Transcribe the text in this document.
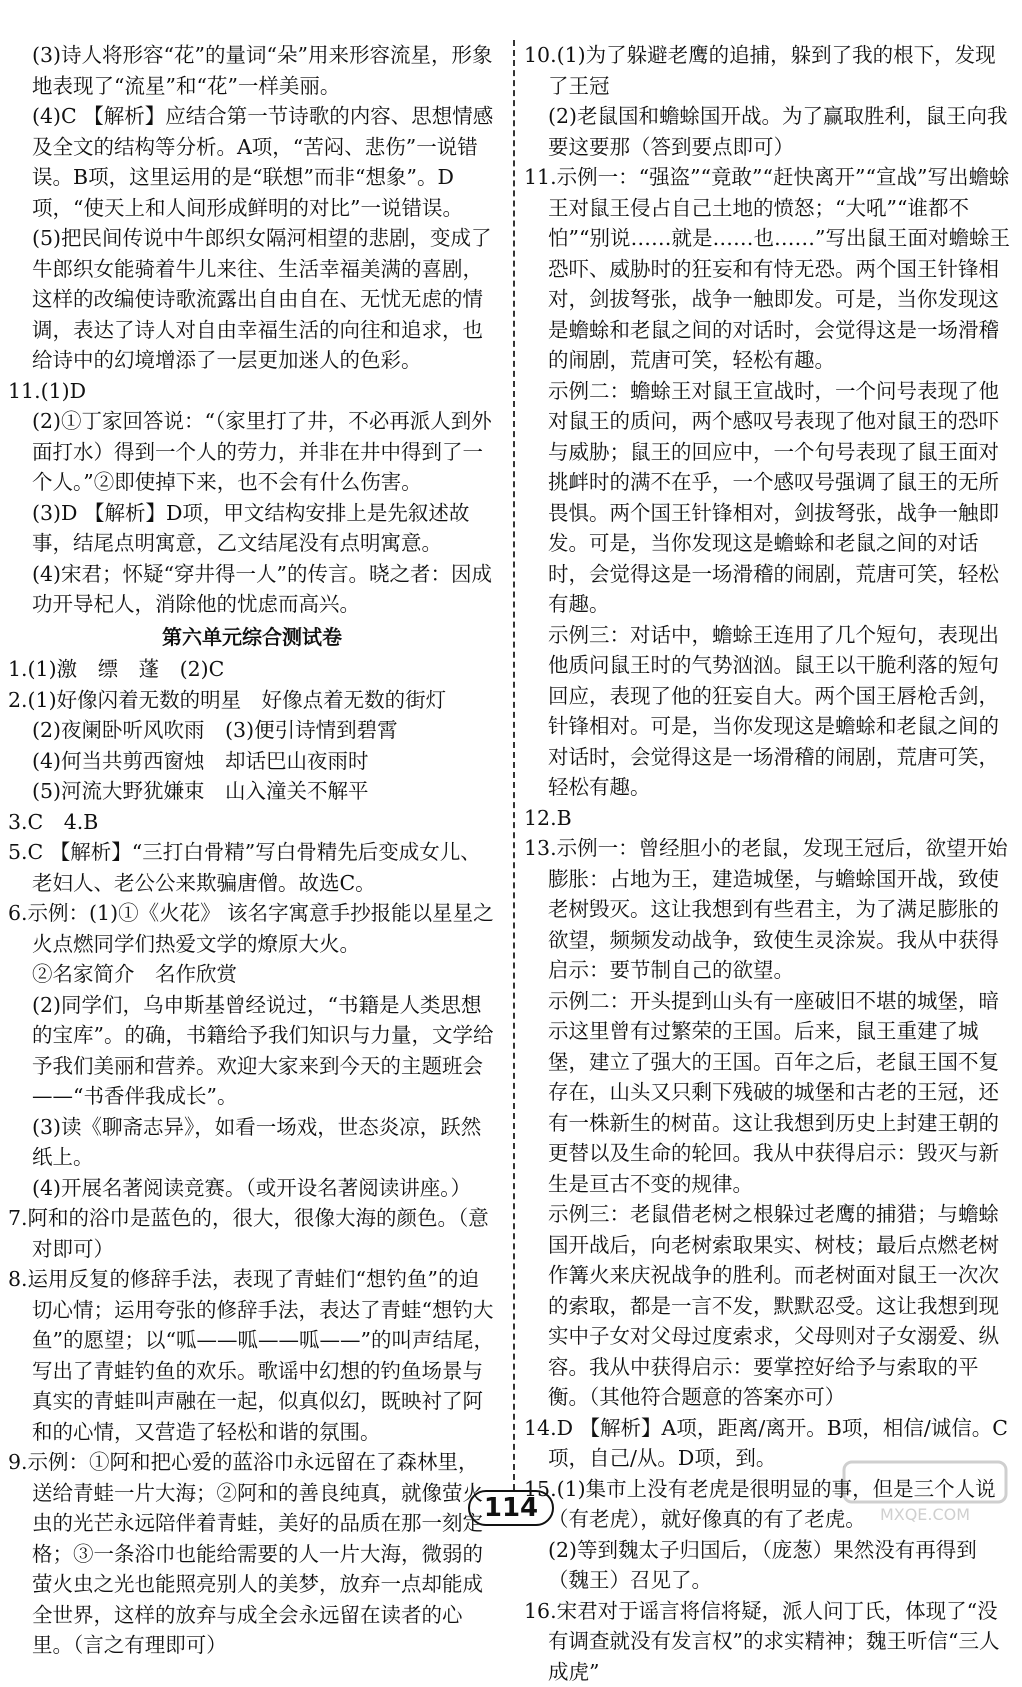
(3)诗人将形容“花”的量词“朵”用来形容流星，形象地表现了“流星”和“花”一样美丽。

(4)C 【解析】应结合第一节诗歌的内容、思想情感及全文的结构等分析。A项，“苦闷、悲伤”一说错误。B项，这里运用的是“联想”而非“想象”。D项，“使天上和人间形成鲜明的对比”一说错误。

(5)把民间传说中牛郎织女隔河相望的悲剧，变成了牛郎织女能骑着牛儿来往、生活幸福美满的喜剧，这样的改编使诗歌流露出自由自在、无忧无虑的情调，表达了诗人对自由幸福生活的向往和追求，也给诗中的幻境增添了一层更加迷人的色彩。

11.(1)D

(2)①丁家回答说：“（家里打了井，不必再派人到外面打水）得到一个人的劳力，并非在井中得到了一个人。”②即使掉下来，也不会有什么伤害。

(3)D 【解析】D项，甲文结构安排上是先叙述故事，结尾点明寓意，乙文结尾没有点明寓意。

(4)宋君；怀疑“穿井得一人”的传言。晓之者：因成功开导杞人，消除他的忧虑而高兴。

第六单元综合测试卷

1.(1)激　缥　蓬　(2)C

2.(1)好像闪着无数的明星　好像点着无数的街灯

(2)夜阑卧听风吹雨　(3)便引诗情到碧霄

(4)何当共剪西窗烛　却话巴山夜雨时

(5)河流大野犹嫌束　山入潼关不解平

3.C　4.B

5.C 【解析】“三打白骨精”写白骨精先后变成女儿、老妇人、老公公来欺骗唐僧。故选C。

6.示例：(1)①《火花》 该名字寓意手抄报能以星星之火点燃同学们热爱文学的燎原大火。

②名家简介　名作欣赏

(2)同学们，乌申斯基曾经说过，“书籍是人类思想的宝库”。的确，书籍给予我们知识与力量，文学给予我们美丽和营养。欢迎大家来到今天的主题班会——“书香伴我成长”。

(3)读《聊斋志异》，如看一场戏，世态炎凉，跃然纸上。

(4)开展名著阅读竞赛。（或开设名著阅读讲座。）

7.阿和的浴巾是蓝色的，很大，很像大海的颜色。（意对即可）

8.运用反复的修辞手法，表现了青蛙们“想钓鱼”的迫切心情；运用夸张的修辞手法，表达了青蛙“想钓大鱼”的愿望；以“呱——呱——呱——”的叫声结尾，写出了青蛙钓鱼的欢乐。歌谣中幻想的钓鱼场景与真实的青蛙叫声融在一起，似真似幻，既映衬了阿和的心情，又营造了轻松和谐的氛围。

9.示例：①阿和把心爱的蓝浴巾永远留在了森林里，送给青蛙一片大海；②阿和的善良纯真，就像萤火虫的光芒永远陪伴着青蛙，美好的品质在那一刻定格；③一条浴巾也能给需要的人一片大海，微弱的萤火虫之光也能照亮别人的美梦，放弃一点却能成全世界，这样的放弃与成全会永远留在读者的心里。（言之有理即可）

10.(1)为了躲避老鹰的追捕，躲到了我的根下，发现了王冠

(2)老鼠国和蟾蜍国开战。为了赢取胜利，鼠王向我要这要那（答到要点即可）

11.示例一：“强盗”“竟敢”“赶快离开”“宣战”写出蟾蜍王对鼠王侵占自己土地的愤怒；“大吼”“谁都不怕”“别说……就是……也……”写出鼠王面对蟾蜍王恐吓、威胁时的狂妄和有恃无恐。两个国王针锋相对，剑拔弩张，战争一触即发。可是，当你发现这是蟾蜍和老鼠之间的对话时，会觉得这是一场滑稽的闹剧，荒唐可笑，轻松有趣。

示例二：蟾蜍王对鼠王宣战时，一个问号表现了他对鼠王的质问，两个感叹号表现了他对鼠王的恐吓与威胁；鼠王的回应中，一个句号表现了鼠王面对挑衅时的满不在乎，一个感叹号强调了鼠王的无所畏惧。两个国王针锋相对，剑拔弩张，战争一触即发。可是，当你发现这是蟾蜍和老鼠之间的对话时，会觉得这是一场滑稽的闹剧，荒唐可笑，轻松有趣。

示例三：对话中，蟾蜍王连用了几个短句，表现出他质问鼠王时的气势汹汹。鼠王以干脆利落的短句回应，表现了他的狂妄自大。两个国王唇枪舌剑，针锋相对。可是，当你发现这是蟾蜍和老鼠之间的对话时，会觉得这是一场滑稽的闹剧，荒唐可笑，轻松有趣。

12.B

13.示例一：曾经胆小的老鼠，发现王冠后，欲望开始膨胀：占地为王，建造城堡，与蟾蜍国开战，致使老树毁灭。这让我想到有些君主，为了满足膨胀的欲望，频频发动战争，致使生灵涂炭。我从中获得启示：要节制自己的欲望。

示例二：开头提到山头有一座破旧不堪的城堡，暗示这里曾有过繁荣的王国。后来，鼠王重建了城堡，建立了强大的王国。百年之后，老鼠王国不复存在，山头又只剩下残破的城堡和古老的王冠，还有一株新生的树苗。这让我想到历史上封建王朝的更替以及生命的轮回。我从中获得启示：毁灭与新生是亘古不变的规律。

示例三：老鼠借老树之根躲过老鹰的捕猎；与蟾蜍国开战后，向老树索取果实、树枝；最后点燃老树作篝火来庆祝战争的胜利。而老树面对鼠王一次次的索取，都是一言不发，默默忍受。这让我想到现实中子女对父母过度索求，父母则对子女溺爱、纵容。我从中获得启示：要掌控好给予与索取的平衡。（其他符合题意的答案亦可）

14.D 【解析】A项，距离/离开。B项，相信/诚信。C项，自己/从。D项，到。

15.(1)集市上没有老虎是很明显的事，但是三个人说（有老虎），就好像真的有了老虎。

(2)等到魏太子归国后，（庞葱）果然没有再得到（魏王）召见了。

16.宋君对于谣言将信将疑，派人问丁氏，体现了“没有调查就没有发言权”的求实精神；魏王听信“三人成虎”

114	MXQE.COM
